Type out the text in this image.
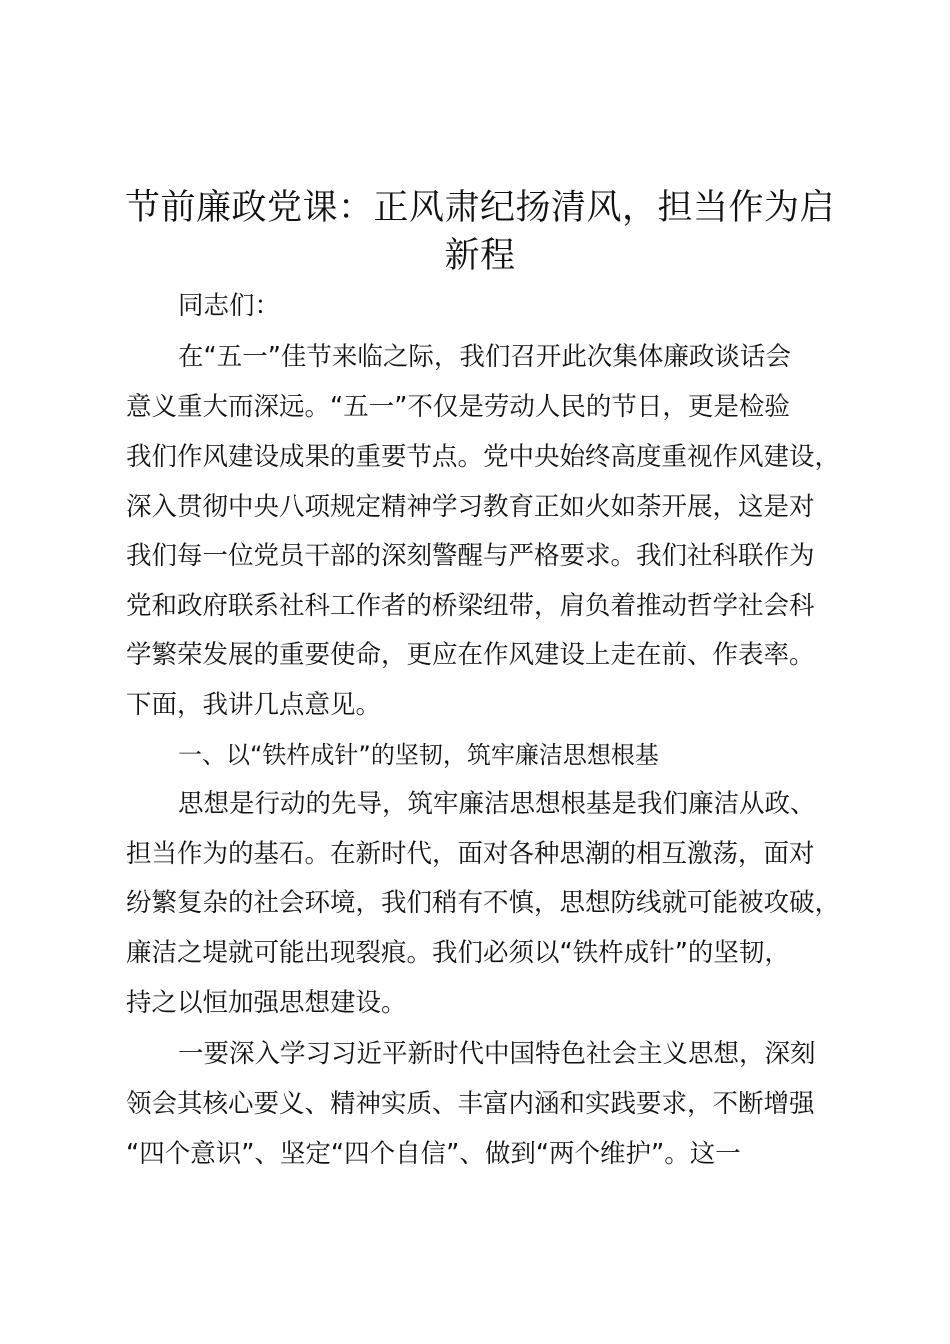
节前廉政党课：正风肃纪扬清风，担当作为启
新程

同志们：

在“五一”佳节来临之际，我们召开此次集体廉政谈话会

意义重大而深远。“五一”不仅是劳动人民的节日，更是检验

我们作风建设成果的重要节点。党中央始终高度重视作风建设，

深入贯彻中央八项规定精神学习教育正如火如荼开展，这是对

我们每一位党员干部的深刻警醒与严格要求。我们社科联作为

党和政府联系社科工作者的桥梁纽带，肩负着推动哲学社会科

学繁荣发展的重要使命，更应在作风建设上走在前、作表率。

下面，我讲几点意见。

一、以“铁杵成针”的坚韧，筑牢廉洁思想根基

思想是行动的先导，筑牢廉洁思想根基是我们廉洁从政、

担当作为的基石。在新时代，面对各种思潮的相互激荡，面对

纷繁复杂的社会环境，我们稍有不慎，思想防线就可能被攻破，

廉洁之堤就可能出现裂痕。我们必须以“铁杵成针”的坚韧，

持之以恒加强思想建设。

一要深入学习习近平新时代中国特色社会主义思想，深刻

领会其核心要义、精神实质、丰富内涵和实践要求，不断增强

“四个意识”、坚定“四个自信”、做到“两个维护”。这一
